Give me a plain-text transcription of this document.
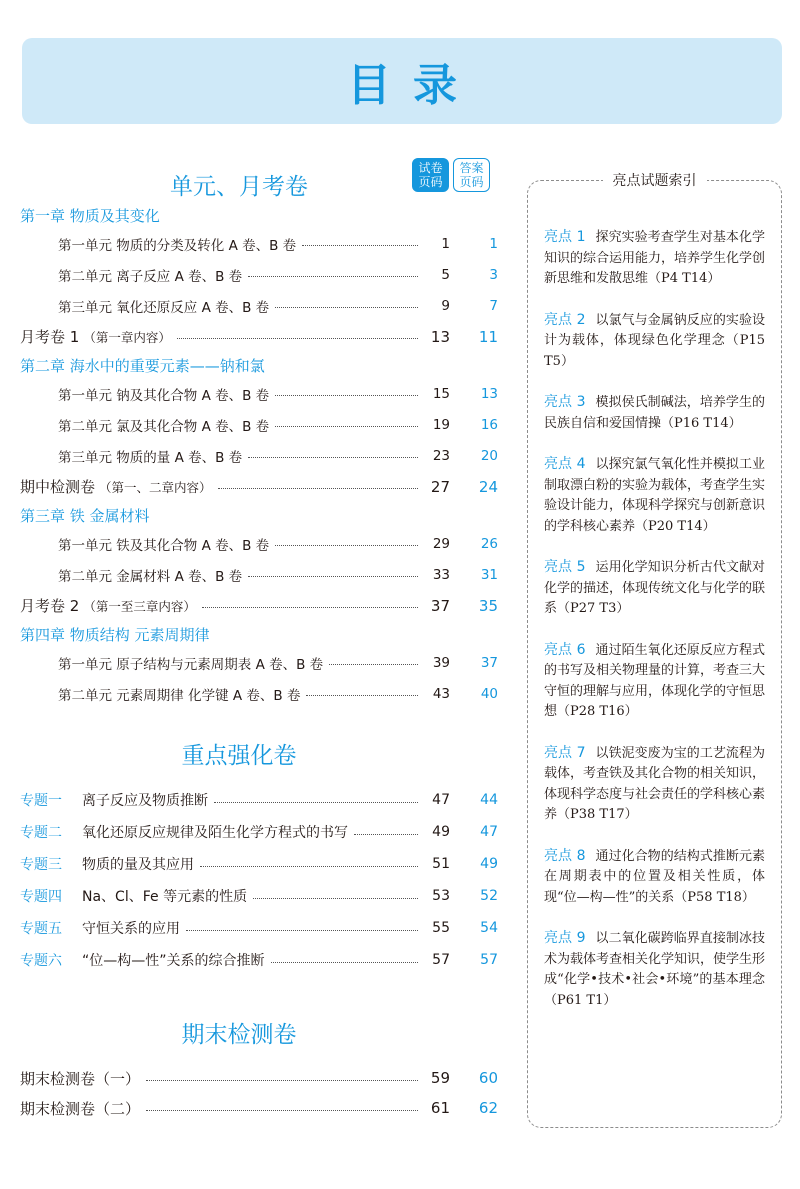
目录
单元、月考卷
试卷
页码
答案
页码
第一章 物质及其变化
第一单元 物质的分类及转化 A 卷、B 卷	1	1
第二单元 离子反应 A 卷、B 卷	5	3
第三单元 氧化还原反应 A 卷、B 卷	9	7
月考卷 1 （第一章内容）	13	11
第二章 海水中的重要元素——钠和氯
第一单元 钠及其化合物 A 卷、B 卷	15	13
第二单元 氯及其化合物 A 卷、B 卷	19	16
第三单元 物质的量 A 卷、B 卷	23	20
期中检测卷 （第一、二章内容）	27	24
第三章 铁 金属材料
第一单元 铁及其化合物 A 卷、B 卷	29	26
第二单元 金属材料 A 卷、B 卷	33	31
月考卷 2 （第一至三章内容）	37	35
第四章 物质结构 元素周期律
第一单元 原子结构与元素周期表 A 卷、B 卷	39	37
第二单元 元素周期律 化学键 A 卷、B 卷	43	40
重点强化卷
专题一 离子反应及物质推断	47	44
专题二 氧化还原反应规律及陌生化学方程式的书写	49	47
专题三 物质的量及其应用	51	49
专题四 Na、Cl、Fe 等元素的性质	53	52
专题五 守恒关系的应用	55	54
专题六 “位—构—性”关系的综合推断	57	57
期末检测卷
期末检测卷（一）	59	60
期末检测卷（二）	61	62
亮点试题索引
亮点 1 探究实验考查学生对基本化学知识的综合运用能力，培养学生化学创新思维和发散思维（P4 T14）
亮点 2 以氯气与金属钠反应的实验设计为载体，体现绿色化学理念（P15 T5）
亮点 3 模拟侯氏制碱法，培养学生的民族自信和爱国情操（P16 T14）
亮点 4 以探究氯气氧化性并模拟工业制取漂白粉的实验为载体，考查学生实验设计能力，体现科学探究与创新意识的学科核心素养（P20 T14）
亮点 5 运用化学知识分析古代文献对化学的描述，体现传统文化与化学的联系（P27 T3）
亮点 6 通过陌生氧化还原反应方程式的书写及相关物理量的计算，考查三大守恒的理解与应用，体现化学的守恒思想（P28 T16）
亮点 7 以铁泥变废为宝的工艺流程为载体，考查铁及其化合物的相关知识，体现科学态度与社会责任的学科核心素养（P38 T17）
亮点 8 通过化合物的结构式推断元素在周期表中的位置及相关性质，体现“位—构—性”的关系（P58 T18）
亮点 9 以二氧化碳跨临界直接制冰技术为载体考查相关化学知识，使学生形成“化学•技术•社会•环境”的基本理念（P61 T1）
